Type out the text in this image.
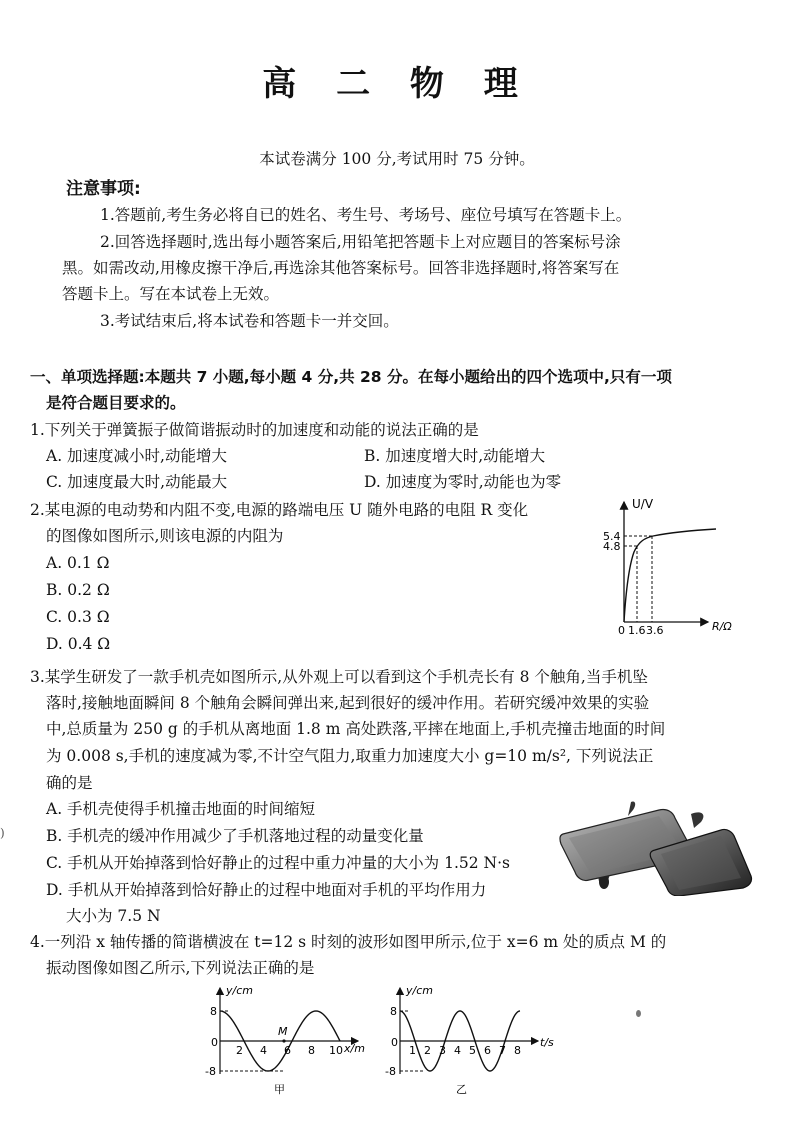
高 二 物 理
本试卷满分 100 分,考试用时 75 分钟。
注意事项:
1.答题前,考生务必将自已的姓名、考生号、考场号、座位号填写在答题卡上。
2.回答选择题时,选出每小题答案后,用铅笔把答题卡上对应题目的答案标号涂
黑。如需改动,用橡皮擦干净后,再选涂其他答案标号。回答非选择题时,将答案写在
答题卡上。写在本试卷上无效。
3.考试结束后,将本试卷和答题卡一并交回。
一、单项选择题:本题共 7 小题,每小题 4 分,共 28 分。在每小题给出的四个选项中,只有一项
是符合题目要求的。
1.下列关于弹簧振子做简谐振动时的加速度和动能的说法正确的是
A. 加速度减小时,动能增大	B. 加速度增大时,动能增大
C. 加速度最大时,动能最大	D. 加速度为零时,动能也为零
2.某电源的电动势和内阻不变,电源的路端电压 U 随外电路的电阻 R 变化
的图像如图所示,则该电源的内阻为
A. 0.1 Ω
B. 0.2 Ω
C. 0.3 Ω
D. 0.4 Ω
U/V
R/Ω
5.4
4.8
0 1.6 3.6
3.某学生研发了一款手机壳如图所示,从外观上可以看到这个手机壳长有 8 个触角,当手机坠
落时,接触地面瞬间 8 个触角会瞬间弹出来,起到很好的缓冲作用。若研究缓冲效果的实验
中,总质量为 250 g 的手机从离地面 1.8 m 高处跌落,平摔在地面上,手机壳撞击地面的时间
为 0.008 s,手机的速度减为零,不计空气阻力,取重力加速度大小 g=10 m/s², 下列说法正
确的是
A. 手机壳使得手机撞击地面的时间缩短
B. 手机壳的缓冲作用减少了手机落地过程的动量变化量
C. 手机从开始掉落到恰好静止的过程中重力冲量的大小为 1.52 N·s
D. 手机从开始掉落到恰好静止的过程中地面对手机的平均作用力
大小为 7.5 N
)
4.一列沿 x 轴传播的简谐横波在 t=12 s 时刻的波形如图甲所示,位于 x=6 m 处的质点 M 的
振动图像如图乙所示,下列说法正确的是
y/cm
x/m
8
-8
0
2 4 6 8 10
M
甲
y/cm
t/s
8
-8
0
1 2 3 4 5 6 7 8
乙
